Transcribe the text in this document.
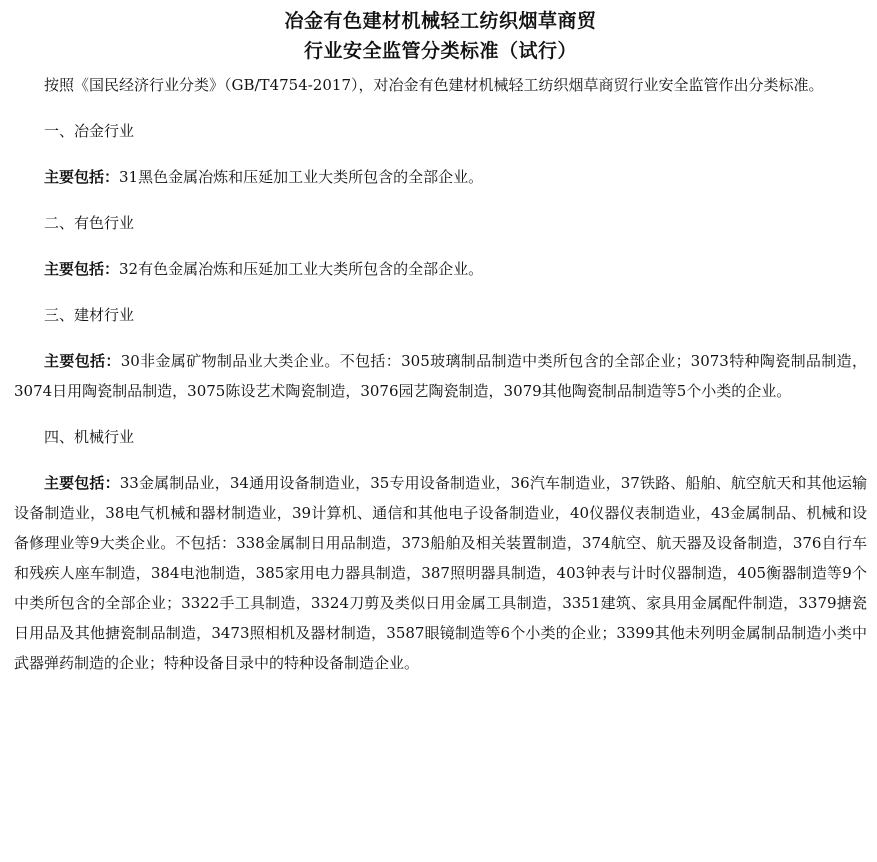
冶金有色建材机械轻工纺织烟草商贸
行业安全监管分类标准（试行）

按照《国民经济行业分类》（GB/T4754-2017），对冶金有色建材机械轻工纺织烟草商贸行业安全监管作出分类标准。

一、冶金行业

主要包括：31黑色金属冶炼和压延加工业大类所包含的全部企业。

二、有色行业

主要包括：32有色金属冶炼和压延加工业大类所包含的全部企业。

三、建材行业

主要包括：30非金属矿物制品业大类企业。不包括：305玻璃制品制造中类所包含的全部企业；3073特种陶瓷制品制造，3074日用陶瓷制品制造，3075陈设艺术陶瓷制造，3076园艺陶瓷制造，3079其他陶瓷制品制造等5个小类的企业。

四、机械行业

主要包括：33金属制品业，34通用设备制造业，35专用设备制造业，36汽车制造业，37铁路、船舶、航空航天和其他运输设备制造业，38电气机械和器材制造业，39计算机、通信和其他电子设备制造业，40仪器仪表制造业，43金属制品、机械和设备修理业等9大类企业。不包括：338金属制日用品制造，373船舶及相关装置制造，374航空、航天器及设备制造，376自行车和残疾人座车制造，384电池制造，385家用电力器具制造，387照明器具制造，403钟表与计时仪器制造，405衡器制造等9个中类所包含的全部企业；3322手工具制造，3324刀剪及类似日用金属工具制造，3351建筑、家具用金属配件制造，3379搪瓷日用品及其他搪瓷制品制造，3473照相机及器材制造，3587眼镜制造等6个小类的企业；3399其他未列明金属制品制造小类中武器弹药制造的企业；特种设备目录中的特种设备制造企业。
